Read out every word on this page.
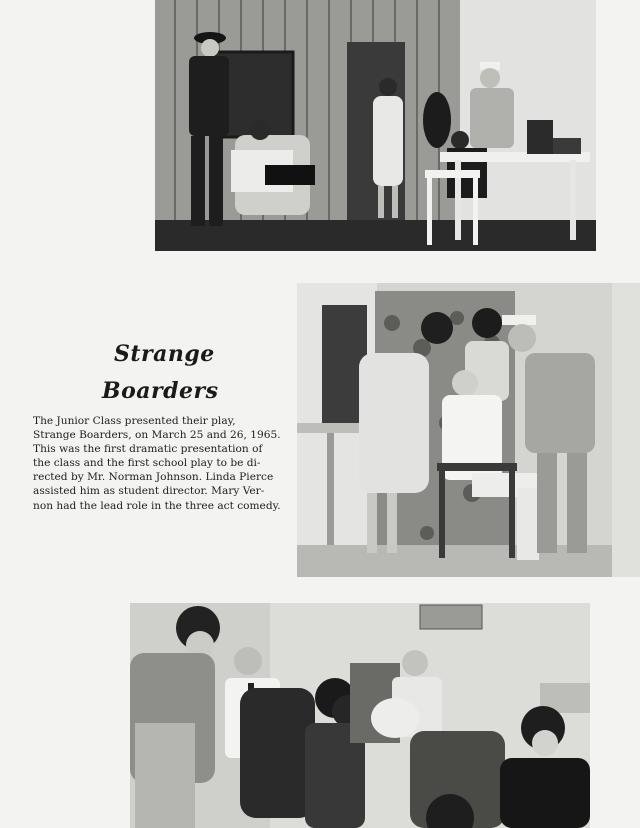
Strange
Boarders

The Junior Class presented their play,
Strange Boarders, on March 25 and 26, 1965.
This was the first dramatic presentation of
the class and the first school play to be di-
rected by Mr. Norman Johnson. Linda Pierce
assisted him as student director. Mary Ver-
non had the lead role in the three act comedy.
